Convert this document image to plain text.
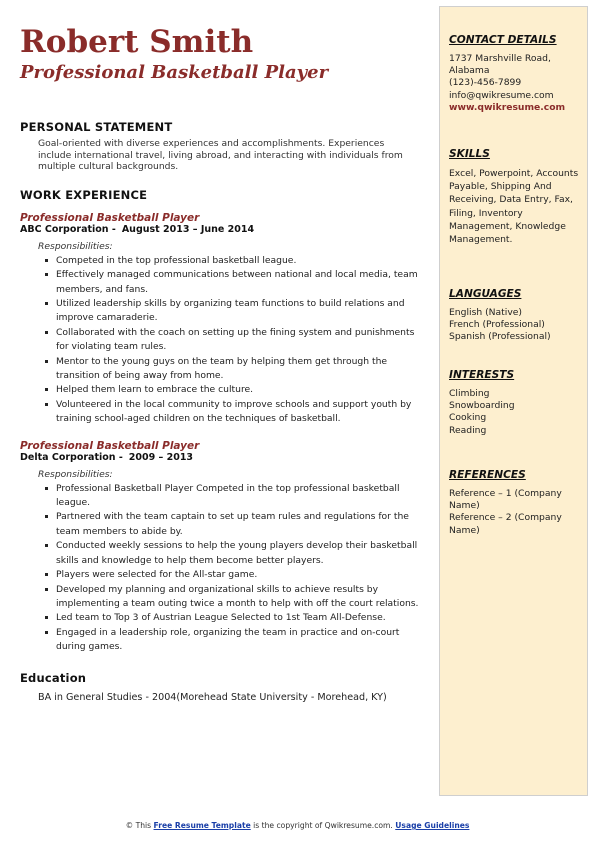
Robert Smith
Professional Basketball Player
PERSONAL STATEMENT

Goal-oriented with diverse experiences and accomplishments. Experiences include international travel, living abroad, and interacting with individuals from multiple cultural backgrounds.

WORK EXPERIENCE

Professional Basketball Player

ABC Corporation - August 2013 – June 2014

Responsibilities:

Competed in the top professional basketball league.
Effectively managed communications between national and local media, team members, and fans.
Utilized leadership skills by organizing team functions to build relations and improve camaraderie.
Collaborated with the coach on setting up the fining system and punishments for violating team rules.
Mentor to the young guys on the team by helping them get through the transition of being away from home.
Helped them learn to embrace the culture.
Volunteered in the local community to improve schools and support youth by training school-aged children on the techniques of basketball.

Professional Basketball Player

Delta Corporation - 2009 – 2013

Responsibilities:

Professional Basketball Player Competed in the top professional basketball league.
Partnered with the team captain to set up team rules and regulations for the team members to abide by.
Conducted weekly sessions to help the young players develop their basketball skills and knowledge to help them become better players.
Players were selected for the All-star game.
Developed my planning and organizational skills to achieve results by implementing a team outing twice a month to help with off the court relations.
Led team to Top 3 of Austrian League Selected to 1st Team All-Defense.
Engaged in a leadership role, organizing the team in practice and on-court during games.
Education

BA in General Studies - 2004(Morehead State University - Morehead, KY)

CONTACT DETAILS
1737 Marshville Road,
Alabama
(123)-456-7899
info@qwikresume.com
www.qwikresume.com
SKILLS

Excel, Powerpoint, Accounts Payable, Shipping And Receiving, Data Entry, Fax, Filing, Inventory Management, Knowledge Management.

LANGUAGES
English (Native)
French (Professional)
Spanish (Professional)
INTERESTS
Climbing
Snowboarding
Cooking
Reading
REFERENCES
Reference – 1 (Company Name)
Reference – 2 (Company Name)
© This Free Resume Template is the copyright of Qwikresume.com. Usage Guidelines
